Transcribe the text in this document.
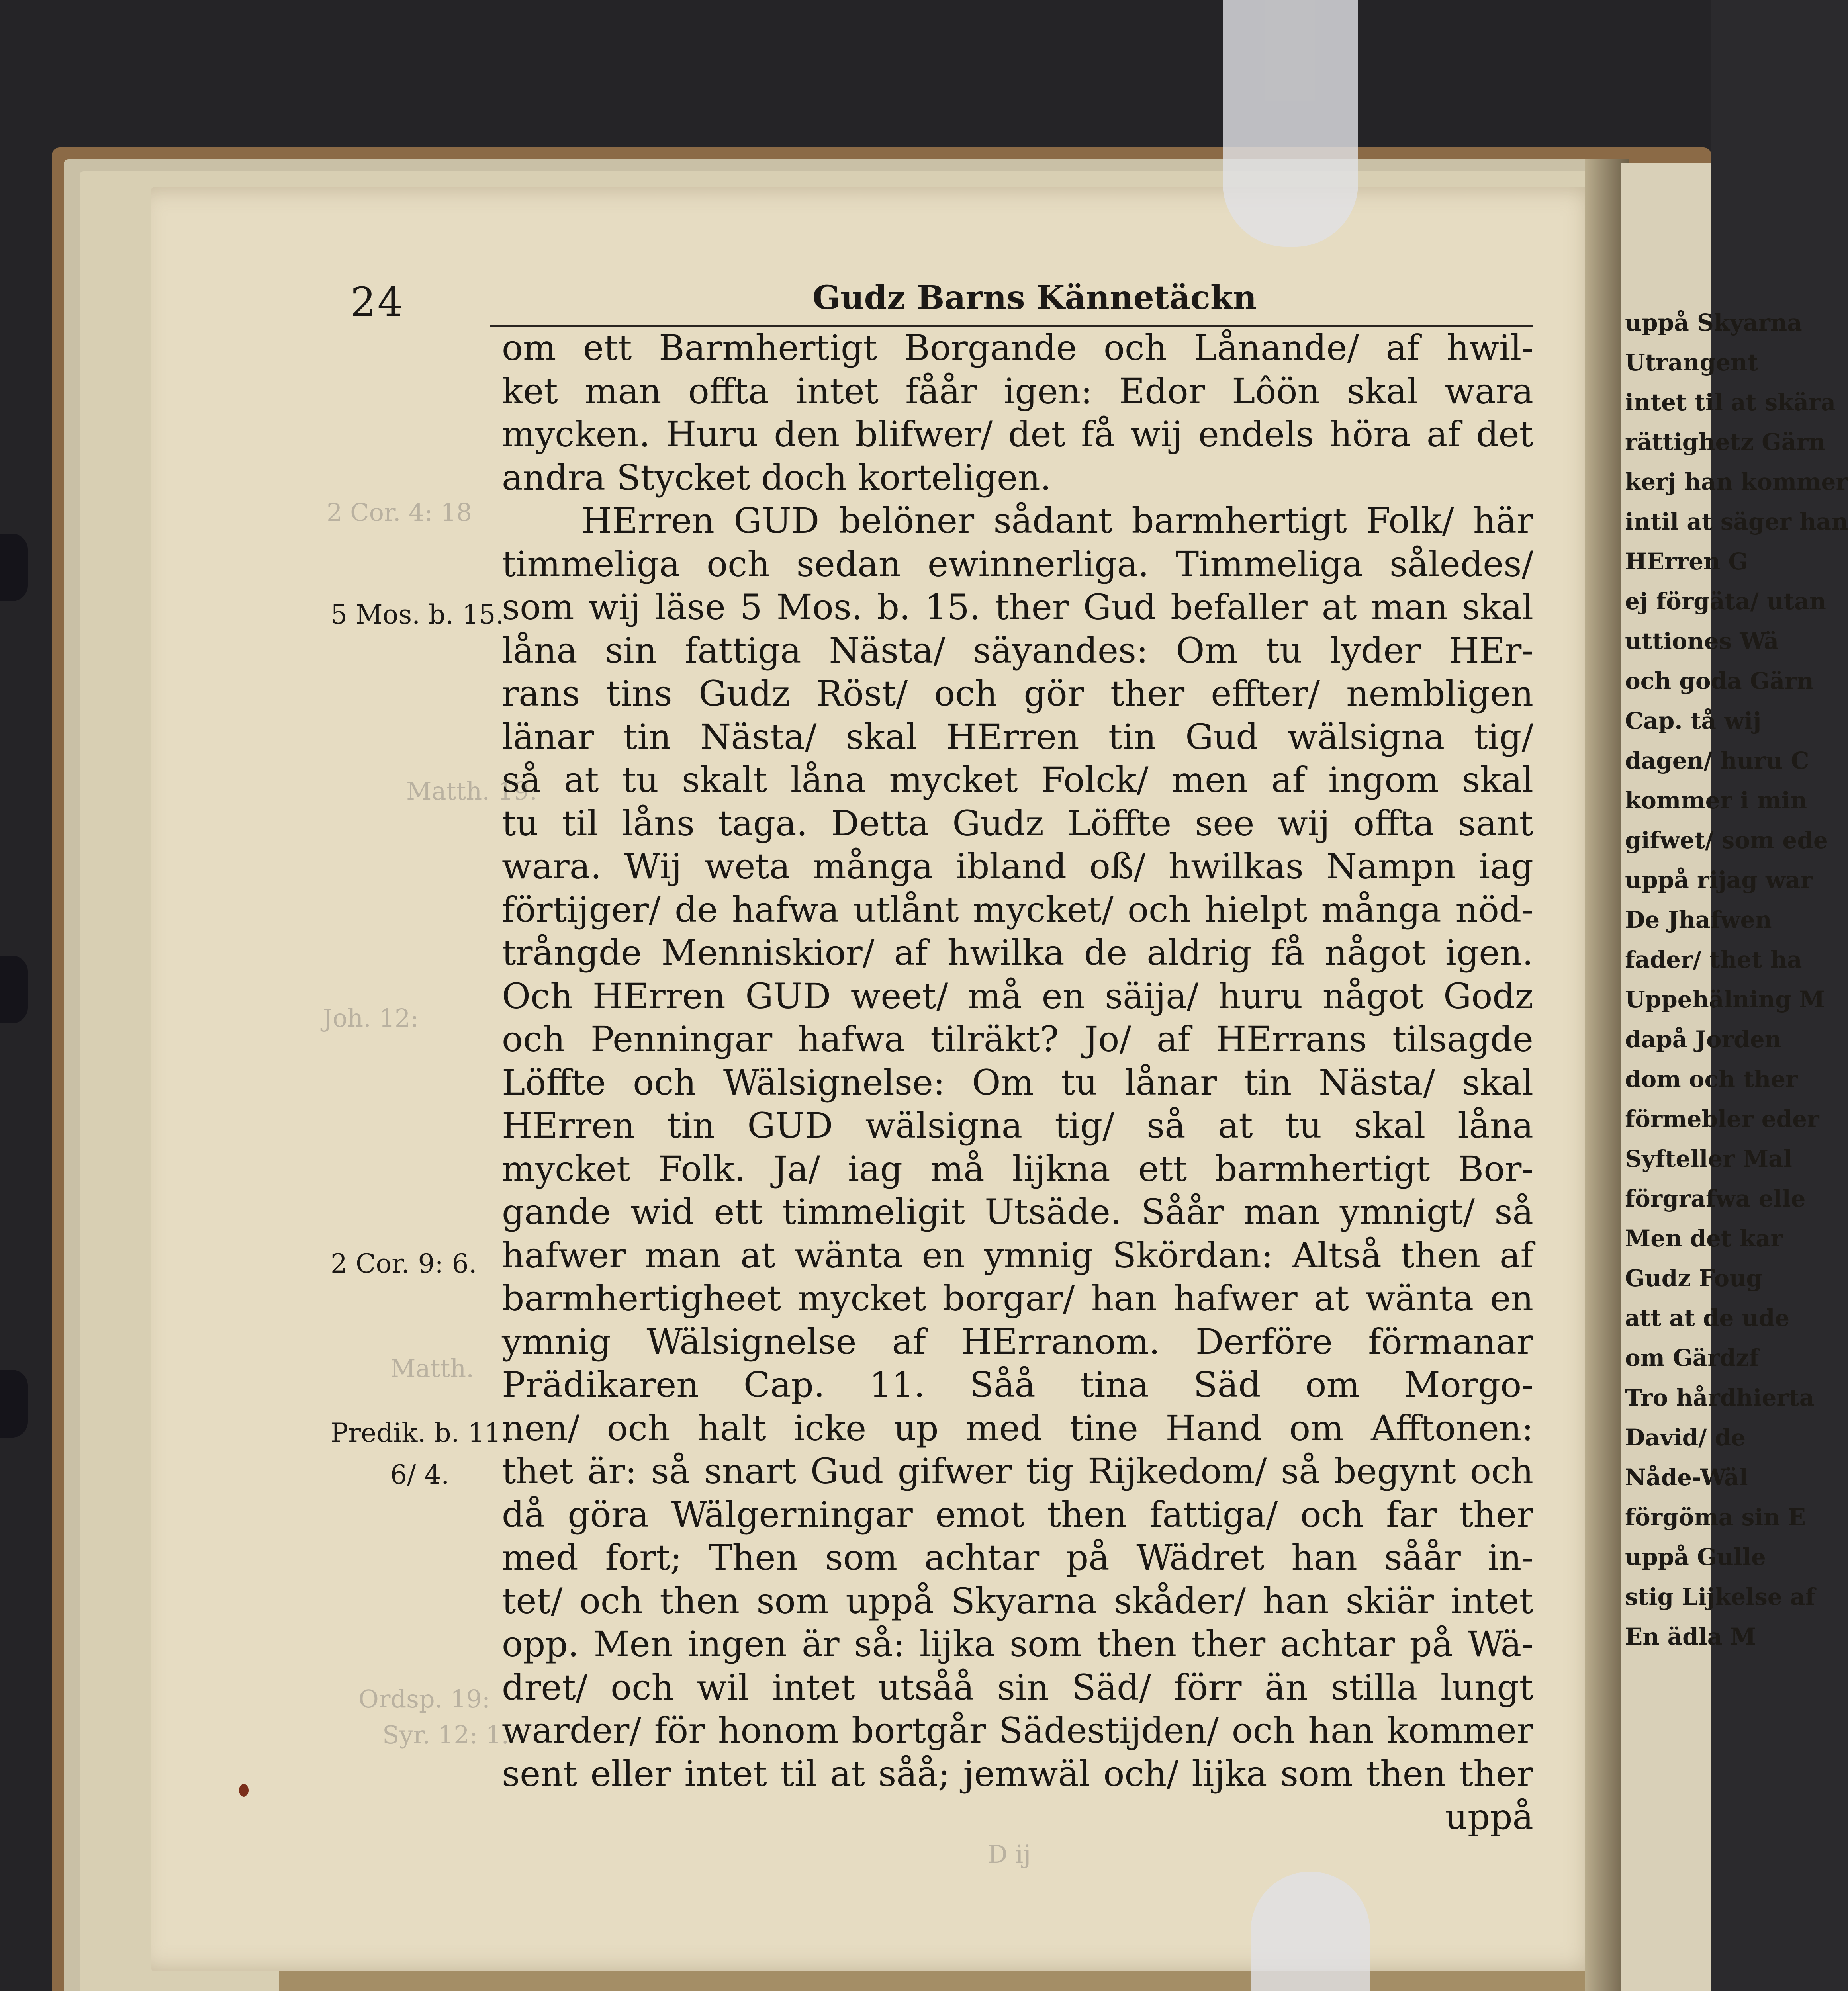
uppå Skyarna
Utrangent
intet til at skära
rättighetz Gärn
kerj han kommer
intil at säger han
HErren G
ej förgäta/ utan
uttiones Wä
och goda Gärn
Cap. tå wij
dagen/ huru C
kommer i min
gifwet/ som ede
uppå rijag war
De Jhafwen
fader/ thet ha
Uppehälning M
dapå Jorden
dom och ther
förmebler eder
Syfteller Mal
förgrafwa elle
Men det kar
Gudz Foug
att at de ude
om Gärdzf
Tro hårdhierta
David/ de
Nåde-Wäl
förgöma sin E
uppå Gulle
stig Lijkelse af
En ädla M
2 Cor. 4: 18
Matth. 19:
Joh. 12:
Matth.
Ordsp. 19:
Syr. 12: 1.
D ij
24	Gudz Barns Kännetäckn
5 Mos. b. 15.
2 Cor. 9: 6.
Predik. b. 11.
6/ 4.
om ett Barmhertigt Borgande och Lånande/ af hwil-
ket man offta intet fåår igen: Edor Lôön skal wara
mycken. Huru den blifwer/ det få wij endels höra af det
andra Stycket doch korteligen.
HErren GUD belöner sådant barmhertigt Folk/ här
timmeliga och sedan ewinnerliga. Timmeliga således/
som wij läse 5 Mos. b. 15. ther Gud befaller at man skal
låna sin fattiga Nästa/ säyandes: Om tu lyder HEr-
rans tins Gudz Röst/ och gör ther effter/ nembligen
länar tin Nästa/ skal HErren tin Gud wälsigna tig/
så at tu skalt låna mycket Folck/ men af ingom skal
tu til låns taga. Detta Gudz Löffte see wij offta sant
wara. Wij weta många ibland oß/ hwilkas Nampn iag
förtijger/ de hafwa utlånt mycket/ och hielpt många nöd-
trångde Menniskior/ af hwilka de aldrig få något igen.
Och HErren GUD weet/ må en säija/ huru något Godz
och Penningar hafwa tilräkt? Jo/ af HErrans tilsagde
Löffte och Wälsignelse: Om tu lånar tin Nästa/ skal
HErren tin GUD wälsigna tig/ så at tu skal låna
mycket Folk. Ja/ iag må lijkna ett barmhertigt Bor-
gande wid ett timmeligit Utsäde. Såår man ymnigt/ så
hafwer man at wänta en ymnig Skördan: Altså then af
barmhertigheet mycket borgar/ han hafwer at wänta en
ymnig Wälsignelse af HErranom. Derföre förmanar
Prädikaren Cap. 11. Såå tina Säd om Morgo-
nen/ och halt icke up med tine Hand om Afftonen:
thet är: så snart Gud gifwer tig Rijkedom/ så begynt och
då göra Wälgerningar emot then fattiga/ och far ther
med fort; Then som achtar på Wädret han såår in-
tet/ och then som uppå Skyarna skåder/ han skiär intet
opp. Men ingen är så: lijka som then ther achtar på Wä-
dret/ och wil intet utsåå sin Säd/ förr än stilla lungt
warder/ för honom bortgår Sädestijden/ och han kommer
sent eller intet til at såå; jemwäl och/ lijka som then ther
uppå
